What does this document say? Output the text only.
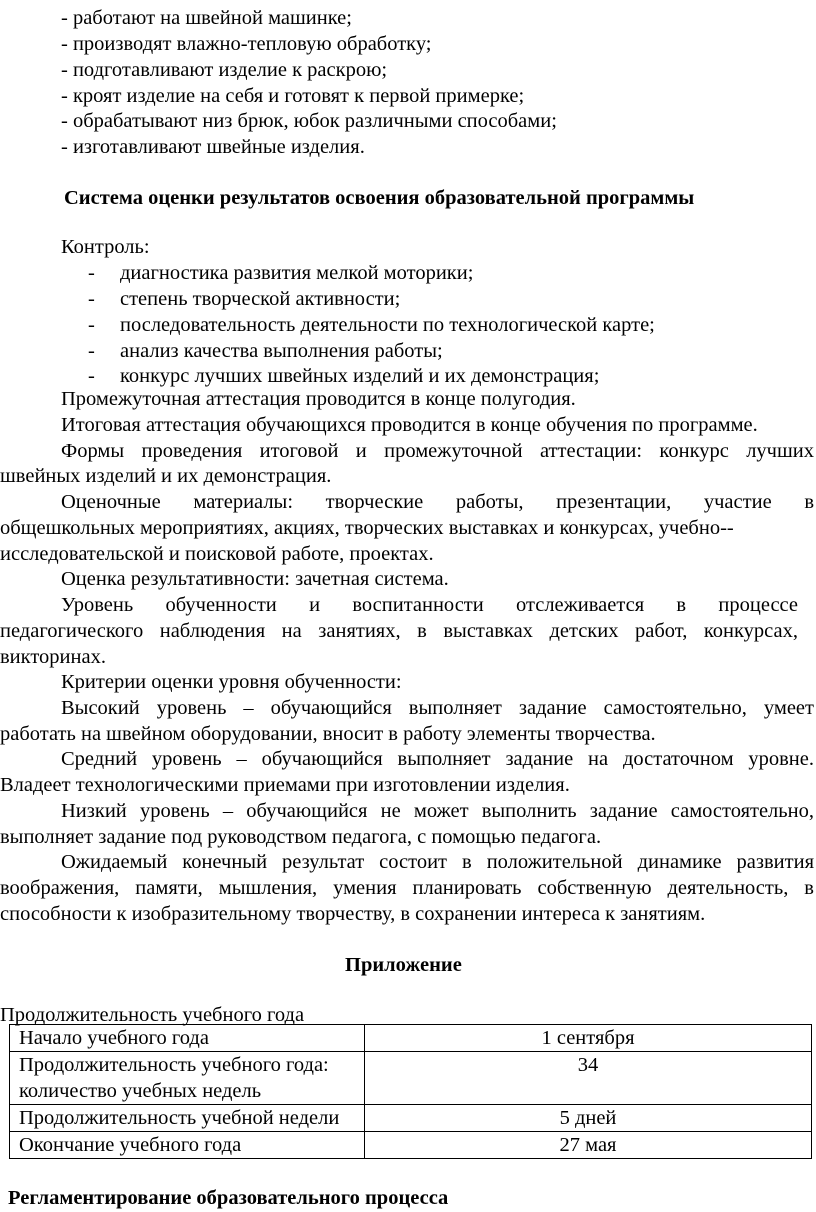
- работают на швейной машинке;
- производят влажно-тепловую обработку;
- подготавливают изделие к раскрою;
- кроят изделие на себя и готовят к первой примерке;
- обрабатывают низ брюк, юбок различными способами;
- изготавливают швейные изделия.
Система оценки результатов освоения образовательной программы
Контроль:
- диагностика развития мелкой моторики;
- степень творческой активности;
- последовательность деятельности по технологической карте;
- анализ качества выполнения работы;
- конкурс лучших швейных изделий и их демонстрация;
Промежуточная аттестация проводится в конце полугодия.
Итоговая аттестация обучающихся проводится в конце обучения по программе.
Формы проведения итоговой и промежуточной аттестации: конкурс лучших
швейных изделий и их демонстрация.
Оценочные материалы: творческие работы, презентации, участие в
общешкольных мероприятиях, акциях, творческих выставках и конкурсах, учебно--
исследовательской и поисковой работе, проектах.
Оценка результативности: зачетная система.
Уровень обученности и воспитанности отслеживается в процессе
педагогического наблюдения на занятиях, в выставках детских работ, конкурсах,
викторинах.
Критерии оценки уровня обученности:
Высокий уровень – обучающийся выполняет задание самостоятельно, умеет
работать на швейном оборудовании, вносит в работу элементы творчества.
Средний уровень – обучающийся выполняет задание на достаточном уровне.
Владеет технологическими приемами при изготовлении изделия.
Низкий уровень – обучающийся не может выполнить задание самостоятельно,
выполняет задание под руководством педагога, с помощью педагога.
Ожидаемый конечный результат состоит в положительной динамике развития
воображения, памяти, мышления, умения планировать собственную деятельность, в
способности к изобразительному творчеству, в сохранении интереса к занятиям.
Приложение
Продолжительность учебного года
Начало учебного года	1 сентября
Продолжительность учебного года:
количество учебных недель	34
Продолжительность учебной недели	5 дней
Окончание учебного года	27 мая
Регламентирование образовательного процесса
